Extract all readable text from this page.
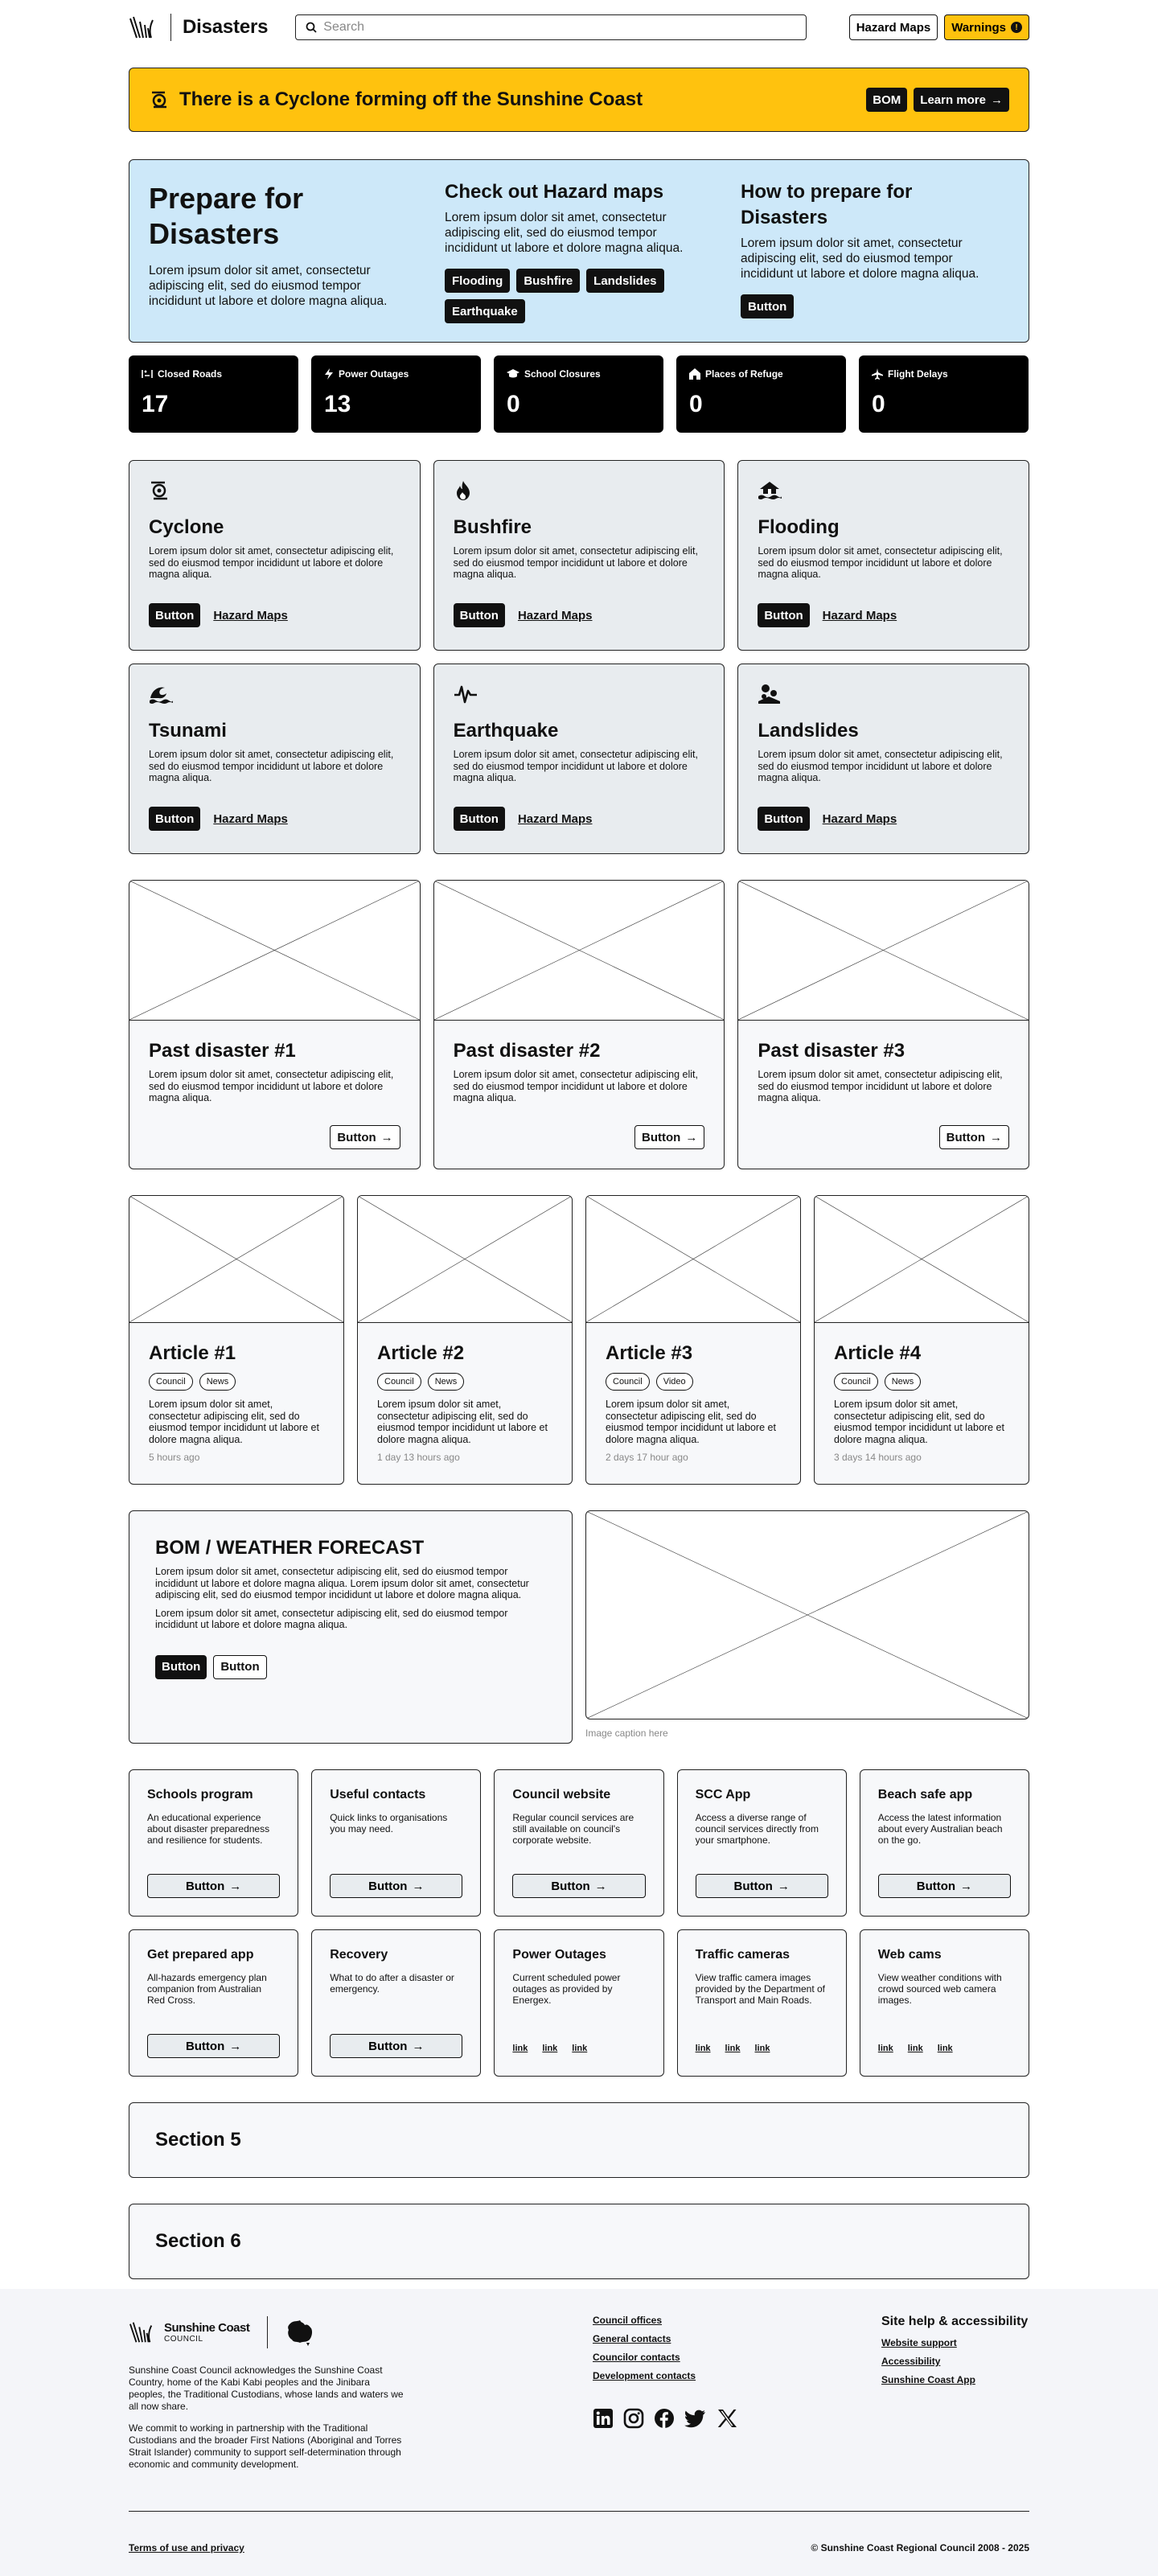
Disasters
Search	Hazard Maps	Warnings	!
There is a Cyclone forming off the Sunshine Coast	BOM	Learn more →
Prepare for Disasters

Lorem ipsum dolor sit amet, consectetur adipiscing elit, sed do eiusmod tempor incididunt ut labore et dolore magna aliqua.

Check out Hazard maps

Lorem ipsum dolor sit amet, consectetur adipiscing elit, sed do eiusmod tempor incididunt ut labore et dolore magna aliqua.

Flooding	Bushfire	Landslides
Earthquake
How to prepare for Disasters

Lorem ipsum dolor sit amet, consectetur adipiscing elit, sed do eiusmod tempor incididunt ut labore et dolore magna aliqua.

Button
Closed Roads
17
Power Outages
13
School Closures
0
Places of Refuge
0
Flight Delays
0
Cyclone
Lorem ipsum dolor sit amet, consectetur adipiscing elit, sed do eiusmod tempor incididunt ut labore et dolore magna aliqua.
Button	Hazard Maps
Bushfire
Lorem ipsum dolor sit amet, consectetur adipiscing elit, sed do eiusmod tempor incididunt ut labore et dolore magna aliqua.
Button	Hazard Maps
Flooding
Lorem ipsum dolor sit amet, consectetur adipiscing elit, sed do eiusmod tempor incididunt ut labore et dolore magna aliqua.
Button	Hazard Maps
Tsunami
Lorem ipsum dolor sit amet, consectetur adipiscing elit, sed do eiusmod tempor incididunt ut labore et dolore magna aliqua.
Button	Hazard Maps
Earthquake
Lorem ipsum dolor sit amet, consectetur adipiscing elit, sed do eiusmod tempor incididunt ut labore et dolore magna aliqua.
Button	Hazard Maps
Landslides
Lorem ipsum dolor sit amet, consectetur adipiscing elit, sed do eiusmod tempor incididunt ut labore et dolore magna aliqua.
Button	Hazard Maps
Past disaster #1
Lorem ipsum dolor sit amet, consectetur adipiscing elit, sed do eiusmod tempor incididunt ut labore et dolore magna aliqua.
Button →
Past disaster #2
Lorem ipsum dolor sit amet, consectetur adipiscing elit, sed do eiusmod tempor incididunt ut labore et dolore magna aliqua.
Button →
Past disaster #3
Lorem ipsum dolor sit amet, consectetur adipiscing elit, sed do eiusmod tempor incididunt ut labore et dolore magna aliqua.
Button →
Article #1
Council	News
Lorem ipsum dolor sit amet, consectetur adipiscing elit, sed do eiusmod tempor incididunt ut labore et dolore magna aliqua.
5 hours ago
Article #2
Council	News
Lorem ipsum dolor sit amet, consectetur adipiscing elit, sed do eiusmod tempor incididunt ut labore et dolore magna aliqua.
1 day 13 hours ago
Article #3
Council	Video
Lorem ipsum dolor sit amet, consectetur adipiscing elit, sed do eiusmod tempor incididunt ut labore et dolore magna aliqua.
2 days 17 hour ago
Article #4
Council	News
Lorem ipsum dolor sit amet, consectetur adipiscing elit, sed do eiusmod tempor incididunt ut labore et dolore magna aliqua.
3 days 14 hours ago
BOM / WEATHER FORECAST

Lorem ipsum dolor sit amet, consectetur adipiscing elit, sed do eiusmod tempor incididunt ut labore et dolore magna aliqua. Lorem ipsum dolor sit amet, consectetur adipiscing elit, sed do eiusmod tempor incididunt ut labore et dolore magna aliqua.

Lorem ipsum dolor sit amet, consectetur adipiscing elit, sed do eiusmod tempor incididunt ut labore et dolore magna aliqua.

Button	Button
Image caption here
Schools program
An educational experience about disaster preparedness and resilience for students.
Button →
Useful contacts
Quick links to organisations you may need.
Button →
Council website
Regular council services are still available on council's corporate website.
Button →
SCC App
Access a diverse range of council services directly from your smartphone.
Button →
Beach safe app
Access the latest information about every Australian beach on the go.
Button →
Get prepared app
All-hazards emergency plan companion from Australian Red Cross.
Button →
Recovery
What to do after a disaster or emergency.
Button →
Power Outages
Current scheduled power outages as provided by Energex.
link link link
Traffic cameras
View traffic camera images provided by the Department of Transport and Main Roads.
link link link
Web cams
View weather conditions with crowd sourced web camera images.
link link link
Section 5
Section 6
Sunshine Coast
COUNCIL

Sunshine Coast Council acknowledges the Sunshine Coast Country, home of the Kabi Kabi peoples and the Jinibara peoples, the Traditional Custodians, whose lands and waters we all now share.

We commit to working in partnership with the Traditional Custodians and the broader First Nations (Aboriginal and Torres Strait Islander) community to support self-determination through economic and community development.

Council offices
General contacts
Councilor contacts
Development contacts
Site help & accessibility
Website support
Accessibility
Sunshine Coast App
Terms of use and privacy	© Sunshine Coast Regional Council 2008 - 2025
